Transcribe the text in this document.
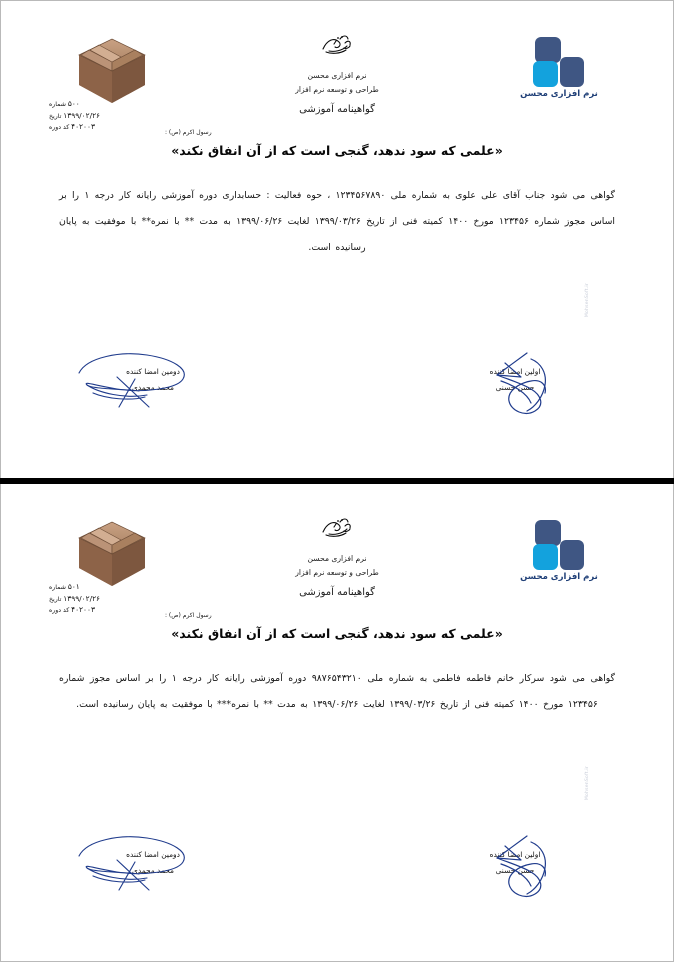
۵۰۰ شماره
۱۳۹۹/۰۲/۲۶ تاریخ
۴۰۲۰۰۳ کد دوره
نرم افزاری محسن
طراحی و توسعه نرم افزار
گواهینامه آموزشی
نرم افزاری محسن
رسول اکرم (ص) :
«علمی که سود ندهد، گنجی است که از آن انفاق نکند»
گواهی می شود جناب آقای علی علوی به شماره ملی ۱۲۳۴۵۶۷۸۹۰ ، حوه فعالیت : حسابداری دوره آموزشی رایانه کار درجه ۱ را بر اساس مجوز شماره ۱۲۳۴۵۶ مورخ ۱۴۰۰ کمیته فنی از تاریخ ۱۳۹۹/۰۳/۲۶ لغایت ۱۳۹۹/۰۶/۲۶ به مدت ** با نمره** با موفقیت به پایان رسانیده است.
MohsenSoft.ir
اولین امضا کننده
حسن حسنی
دومین امضا کننده
محمد محمدی
۵۰۱ شماره
۱۳۹۹/۰۲/۲۶ تاریخ
۴۰۲۰۰۳ کد دوره
نرم افزاری محسن
طراحی و توسعه نرم افزار
گواهینامه آموزشی
نرم افزاری محسن
رسول اکرم (ص) :
«علمی که سود ندهد، گنجی است که از آن انفاق نکند»
گواهی می شود سرکار خانم فاطمه فاطمی به شماره ملی ۹۸۷۶۵۴۳۲۱۰ دوره آموزشی رایانه کار درجه ۱ را بر اساس مجوز شماره ۱۲۳۴۵۶ مورخ ۱۴۰۰ کمیته فنی از تاریخ ۱۳۹۹/۰۳/۲۶ لغایت ۱۳۹۹/۰۶/۲۶ به مدت ** با نمره*** با موفقیت به پایان رسانیده است.
MohsenSoft.ir
اولین امضا کننده
حسن حسنی
دومین امضا کننده
محمد محمدی
